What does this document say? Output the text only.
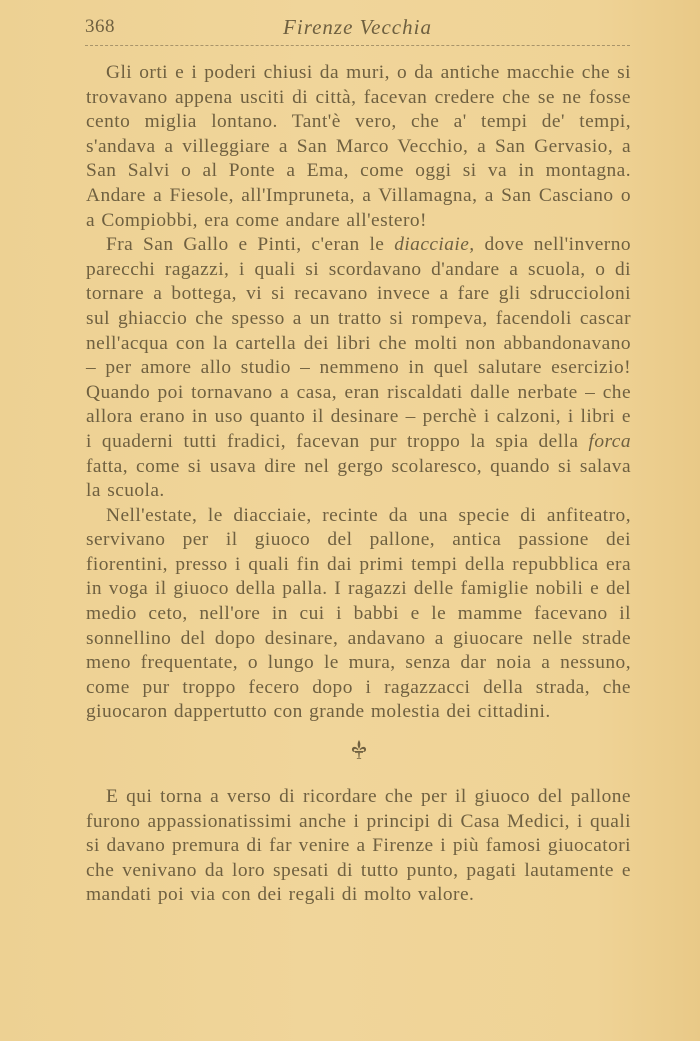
368	Firenze Vecchia

Gli orti e i poderi chiusi da muri, o da antiche macchie che si trovavano appena usciti di città, facevan credere che se ne fosse cento miglia lontano. Tant'è vero, che a' tempi de' tempi, s'andava a villeggiare a San Marco Vecchio, a San Gervasio, a San Salvi o al Ponte a Ema, come oggi si va in montagna. Andare a Fiesole, all'Impruneta, a Villamagna, a San Casciano o a Compiobbi, era come andare all'estero!

Fra San Gallo e Pinti, c'eran le diacciaie, dove nell'inverno parecchi ragazzi, i quali si scordavano d'andare a scuola, o di tornare a bottega, vi si recavano invece a fare gli sdruccioloni sul ghiaccio che spesso a un tratto si rompeva, facendoli cascar nell'acqua con la cartella dei libri che molti non abbandonavano – per amore allo studio – nemmeno in quel salutare esercizio! Quando poi tornavano a casa, eran riscaldati dalle nerbate – che allora erano in uso quanto il desinare – perchè i calzoni, i libri e i quaderni tutti fradici, facevan pur troppo la spia della forca fatta, come si usava dire nel gergo scolaresco, quando si salava la scuola.

Nell'estate, le diacciaie, recinte da una specie di anfiteatro, servivano per il giuoco del pallone, antica passione dei fiorentini, presso i quali fin dai primi tempi della repubblica era in voga il giuoco della palla. I ragazzi delle famiglie nobili e del medio ceto, nell'ore in cui i babbi e le mamme facevano il sonnellino del dopo desinare, andavano a giuocare nelle strade meno frequentate, o lungo le mura, senza dar noia a nessuno, come pur troppo fecero dopo i ragazzacci della strada, che giuocaron dappertutto con grande molestia dei cittadini.

E qui torna a verso di ricordare che per il giuoco del pallone furono appassionatissimi anche i principi di Casa Medici, i quali si davano premura di far venire a Firenze i più famosi giuocatori che venivano da loro spesati di tutto punto, pagati lautamente e mandati poi via con dei regali di molto valore.
